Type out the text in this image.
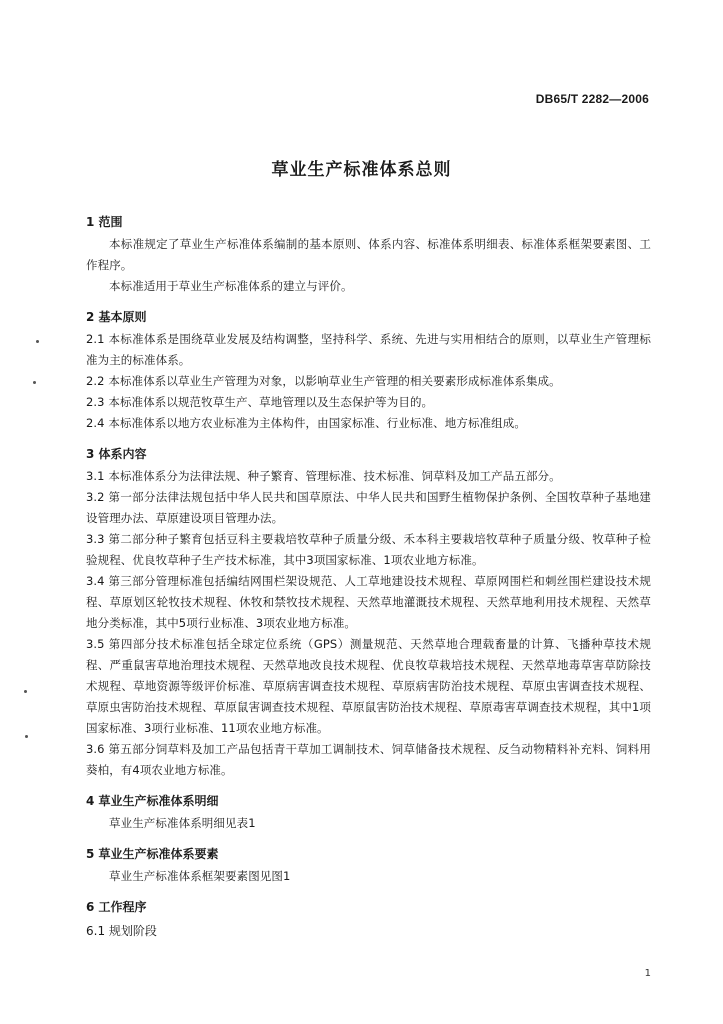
DB65/T 2282—2006
草业生产标准体系总则
1 范围
本标准规定了草业生产标准体系编制的基本原则、体系内容、标准体系明细表、标准体系框架要素图、工作程序。
本标准适用于草业生产标准体系的建立与评价。
2 基本原则
2.1 本标准体系是围绕草业发展及结构调整，坚持科学、系统、先进与实用相结合的原则，以草业生产管理标准为主的标准体系。
2.2 本标准体系以草业生产管理为对象，以影响草业生产管理的相关要素形成标准体系集成。
2.3 本标准体系以规范牧草生产、草地管理以及生态保护等为目的。
2.4 本标准体系以地方农业标准为主体构件，由国家标准、行业标准、地方标准组成。
3 体系内容
3.1 本标准体系分为法律法规、种子繁育、管理标准、技术标准、饲草料及加工产品五部分。
3.2 第一部分法律法规包括中华人民共和国草原法、中华人民共和国野生植物保护条例、全国牧草种子基地建设管理办法、草原建设项目管理办法。
3.3 第二部分种子繁育包括豆科主要栽培牧草种子质量分级、禾本科主要栽培牧草种子质量分级、牧草种子检验规程、优良牧草种子生产技术标准，其中3项国家标准、1项农业地方标准。
3.4 第三部分管理标准包括编结网围栏架设规范、人工草地建设技术规程、草原网围栏和刺丝围栏建设技术规程、草原划区轮牧技术规程、休牧和禁牧技术规程、天然草地灌溉技术规程、天然草地利用技术规程、天然草地分类标准，其中5项行业标准、3项农业地方标准。
3.5 第四部分技术标准包括全球定位系统（GPS）测量规范、天然草地合理载畜量的计算、飞播种草技术规程、严重鼠害草地治理技术规程、天然草地改良技术规程、优良牧草栽培技术规程、天然草地毒草害草防除技术规程、草地资源等级评价标准、草原病害调查技术规程、草原病害防治技术规程、草原虫害调查技术规程、草原虫害防治技术规程、草原鼠害调查技术规程、草原鼠害防治技术规程、草原毒害草调查技术规程，其中1项国家标准、3项行业标准、11项农业地方标准。
3.6 第五部分饲草料及加工产品包括青干草加工调制技术、饲草储备技术规程、反刍动物精料补充料、饲料用葵柏，有4项农业地方标准。
4 草业生产标准体系明细
草业生产标准体系明细见表1
5 草业生产标准体系要素
草业生产标准体系框架要素图见图1
6 工作程序
6.1 规划阶段
1
